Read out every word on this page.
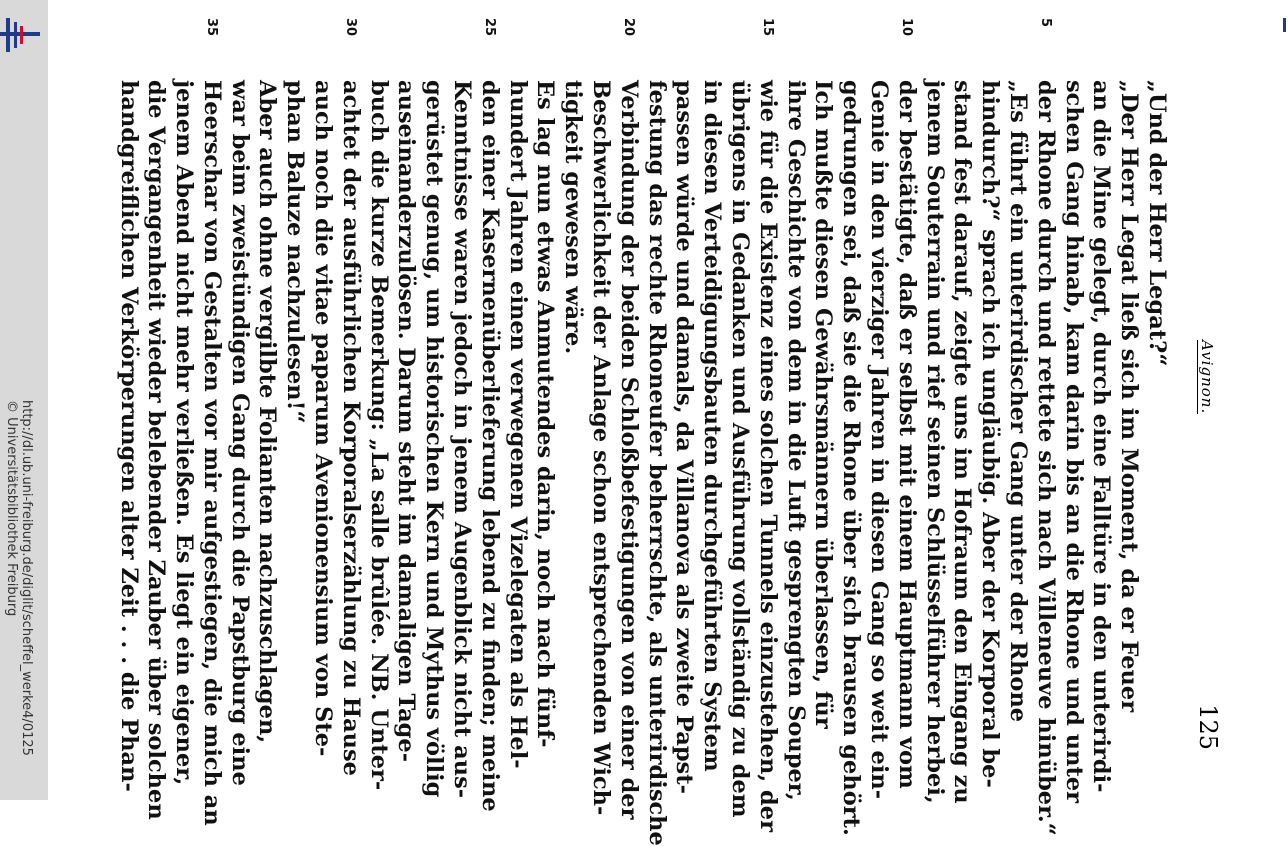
http://dl.ub.uni-freiburg.de/diglit/scheffel_werke4/0125
© Universitätsbibliothek Freiburg
Avignon.
125
„Und der Herr Legat?“
„Der Herr Legat ließ sich im Moment, da er Feuer
an die Mine gelegt, durch eine Falltüre in den unterirdi-
schen Gang hinab, kam darin bis an die Rhone und unter
5
der Rhone durch und rettete sich nach Villeneuve hinüber.“
„Es führt ein unterirdischer Gang unter der Rhone
hindurch?“ sprach ich ungläubig. Aber der Korporal be-
stand fest darauf, zeigte uns im Hofraum den Eingang zu
jenem Souterrain und rief seinen Schlüsselführer herbei,
10
der bestätigte, daß er selbst mit einem Hauptmann vom
Genie in den vierziger Jahren in diesen Gang so weit ein-
gedrungen sei, daß sie die Rhone über sich brausen gehört.
Ich mußte diesen Gewährsmännern überlassen, für
ihre Geschichte von dem in die Luft gesprengten Souper,
15
wie für die Existenz eines solchen Tunnels einzustehen, der
übrigens in Gedanken und Ausführung vollständig zu dem
in diesen Verteidigungsbauten durchgeführten System
passen würde und damals, da Villanova als zweite Papst-
festung das rechte Rhoneufer beherrschte, als unterirdische
20
Verbindung der beiden Schloßbefestigungen von einer der
Beschwerlichkeit der Anlage schon entsprechenden Wich-
tigkeit gewesen wäre.
Es lag nun etwas Anmutendes darin, noch nach fünf-
hundert Jahren einen verwegenen Vizelegaten als Hel-
25
den einer Kasernenüberlieferung lebend zu finden; meine
Kenntnisse waren jedoch in jenem Augenblick nicht aus-
gerüstet genug, um historischen Kern und Mythus völlig
auseinanderzulösen. Darum steht im damaligen Tage-
buch die kurze Bemerkung: „La salle brûlée. NB. Unter-
30
achtet der ausführlichen Korporalserzählung zu Hause
auch noch die vitae paparum Avenionensium von Ste-
phan Baluze nachzulesen!“
Aber auch ohne vergilbte Folianten nachzuschlagen,
war beim zweistündigen Gang durch die Papstburg eine
35
Heerschar von Gestalten vor mir aufgestiegen, die mich an
jenem Abend nicht mehr verließen. Es liegt ein eigener,
die Vergangenheit wieder belebender Zauber über solchen
handgreiflichen Verkörperungen alter Zeit . . . die Phan-
